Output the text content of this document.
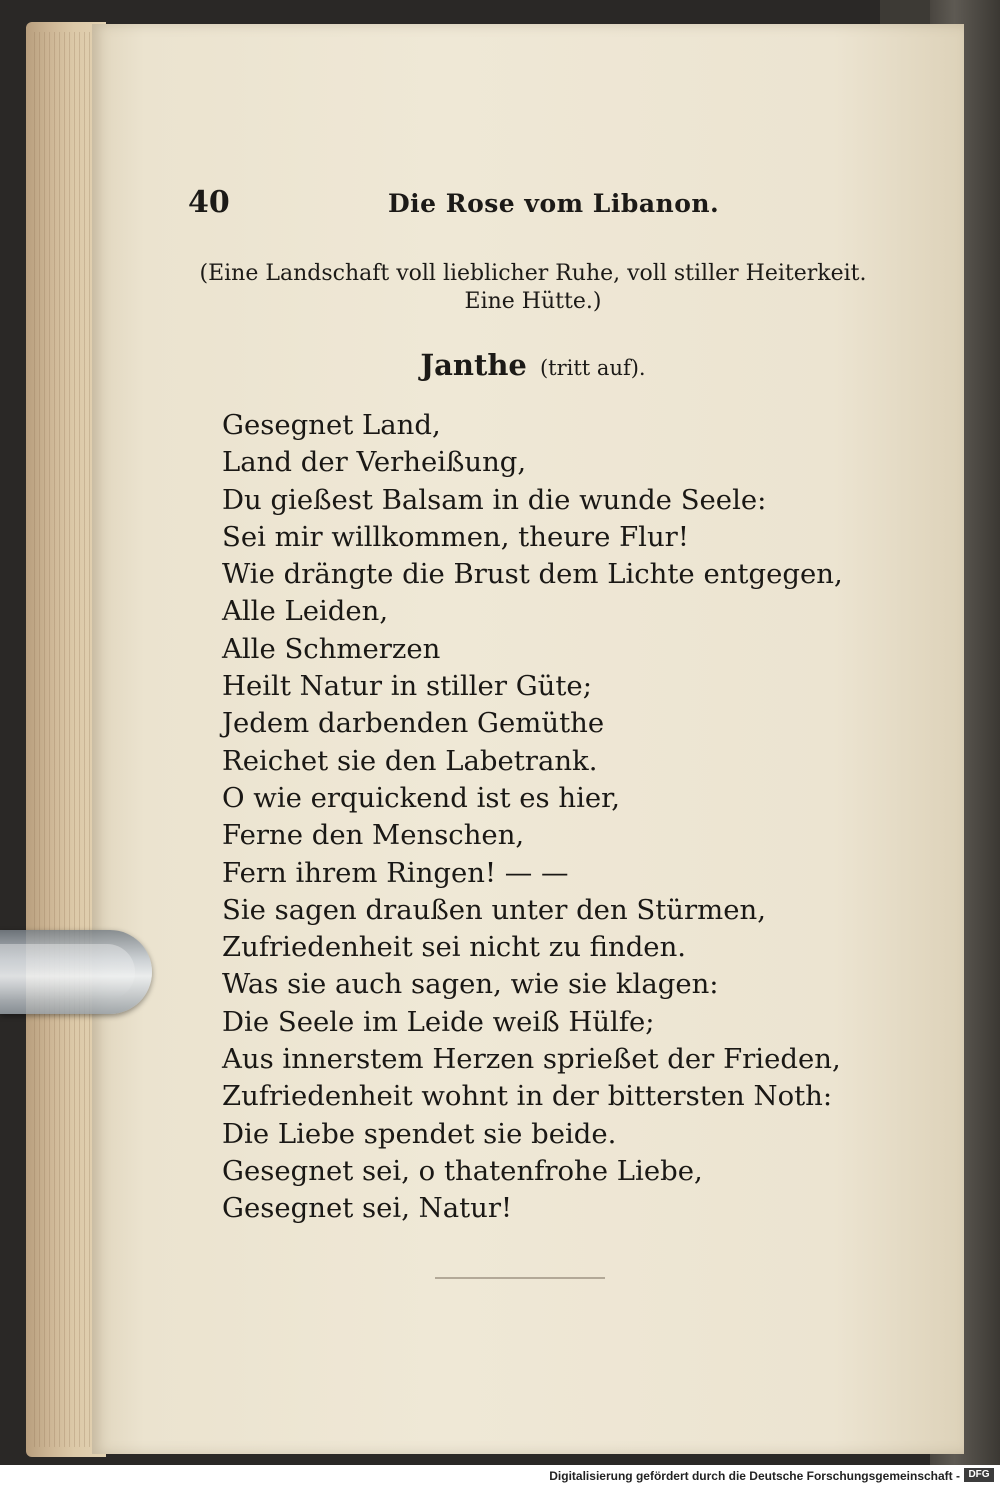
40	Die Rose vom Libanon.
(Eine Landschaft voll lieblicher Ruhe, voll stiller Heiterkeit.
Eine Hütte.)
Janthe (tritt auf).
Gesegnet Land,
Land der Verheißung,
Du gießest Balsam in die wunde Seele:
Sei mir willkommen, theure Flur!
Wie drängte die Brust dem Lichte entgegen,
Alle Leiden,
Alle Schmerzen
Heilt Natur in stiller Güte;
Jedem darbenden Gemüthe
Reichet sie den Labetrank.
O wie erquickend ist es hier,
Ferne den Menschen,
Fern ihrem Ringen! — —
Sie sagen draußen unter den Stürmen,
Zufriedenheit sei nicht zu finden.
Was sie auch sagen, wie sie klagen:
Die Seele im Leide weiß Hülfe;
Aus innerstem Herzen sprießet der Frieden,
Zufriedenheit wohnt in der bittersten Noth:
Die Liebe spendet sie beide.
Gesegnet sei, o thatenfrohe Liebe,
Gesegnet sei, Natur!
Digitalisierung gefördert durch die Deutsche Forschungsgemeinschaft - DFG
